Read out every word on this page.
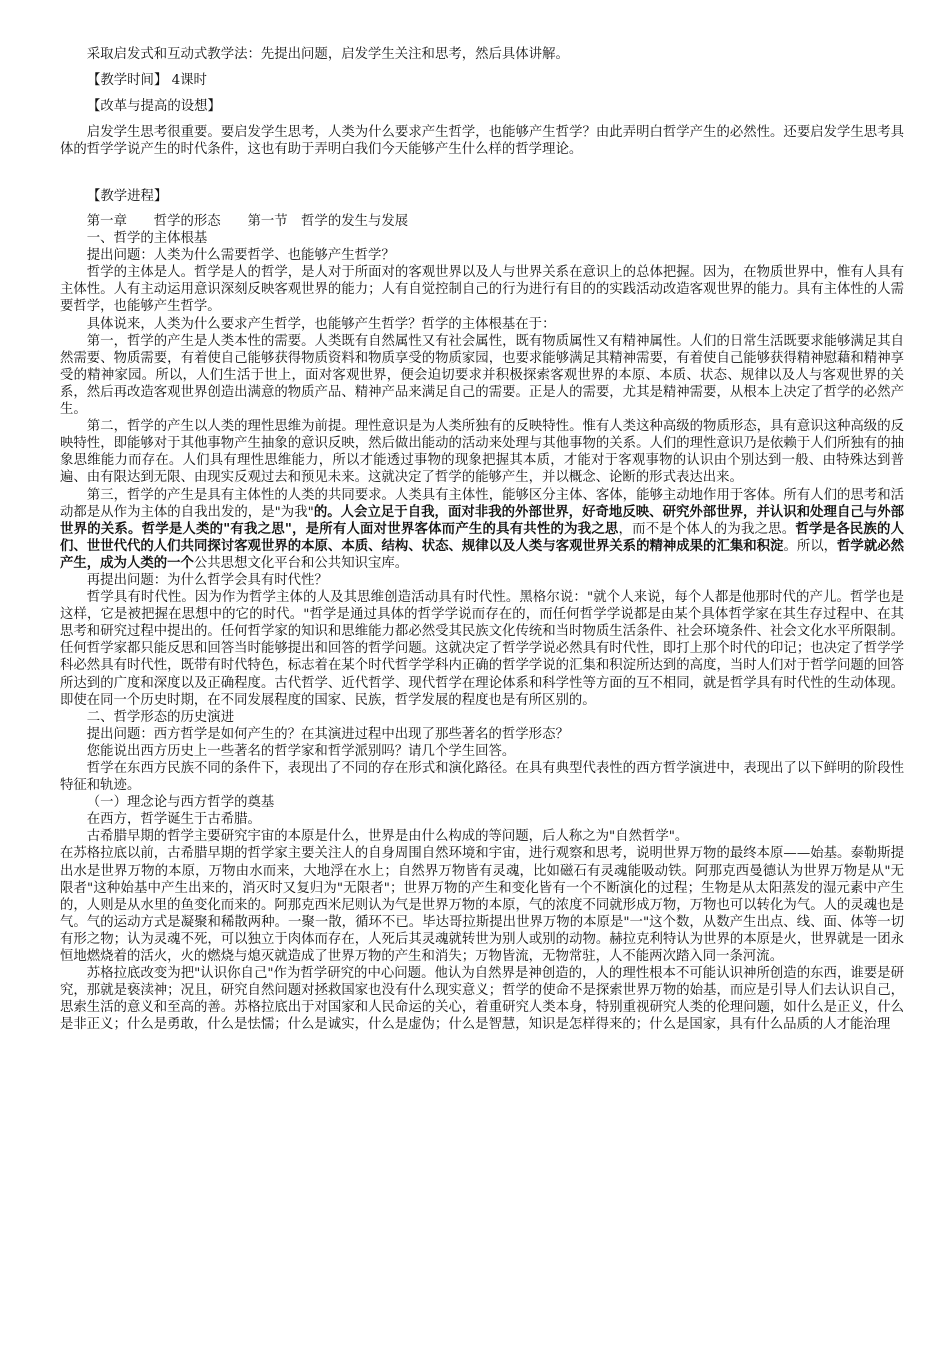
采取启发式和互动式教学法：先提出问题，启发学生关注和思考，然后具体讲解。

【教学时间】 4课时

【改革与提高的设想】

启发学生思考很重要。要启发学生思考，人类为什么要求产生哲学，也能够产生哲学？由此弄明白哲学产生的必然性。还要启发学生思考具体的哲学学说产生的时代条件，这也有助于弄明白我们今天能够产生什么样的哲学理论。

【教学进程】

第一章　　哲学的形态　　第一节　哲学的发生与发展

一、哲学的主体根基

提出问题：人类为什么需要哲学、也能够产生哲学？

哲学的主体是人。哲学是人的哲学，是人对于所面对的客观世界以及人与世界关系在意识上的总体把握。因为，在物质世界中，惟有人具有主体性。人有主动运用意识深刻反映客观世界的能力；人有自觉控制自己的行为进行有目的的实践活动改造客观世界的能力。具有主体性的人需要哲学，也能够产生哲学。

具体说来，人类为什么要求产生哲学，也能够产生哲学？哲学的主体根基在于：

第一，哲学的产生是人类本性的需要。人类既有自然属性又有社会属性，既有物质属性又有精神属性。人们的日常生活既要求能够满足其自然需要、物质需要，有着使自己能够获得物质资料和物质享受的物质家园，也要求能够满足其精神需要，有着使自己能够获得精神慰藉和精神享受的精神家园。所以，人们生活于世上，面对客观世界，便会迫切要求并积极探索客观世界的本原、本质、状态、规律以及人与客观世界的关系，然后再改造客观世界创造出满意的物质产品、精神产品来满足自己的需要。正是人的需要，尤其是精神需要，从根本上决定了哲学的必然产生。

第二，哲学的产生以人类的理性思维为前提。理性意识是为人类所独有的反映特性。惟有人类这种高级的物质形态，具有意识这种高级的反映特性，即能够对于其他事物产生抽象的意识反映，然后做出能动的活动来处理与其他事物的关系。人们的理性意识乃是依赖于人们所独有的抽象思维能力而存在。人们具有理性思维能力，所以才能透过事物的现象把握其本质，才能对于客观事物的认识由个别达到一般、由特殊达到普遍、由有限达到无限、由现实反观过去和预见未来。这就决定了哲学的能够产生，并以概念、论断的形式表达出来。

第三，哲学的产生是具有主体性的人类的共同要求。人类具有主体性，能够区分主体、客体，能够主动地作用于客体。所有人们的思考和活动都是从作为主体的自我出发的，是"为我"的。人会立足于自我，面对非我的外部世界，好奇地反映、研究外部世界，并认识和处理自己与外部世界的关系。哲学是人类的"有我之思"，是所有人面对世界客体而产生的具有共性的为我之思，而不是个体人的为我之思。哲学是各民族的人们、世世代代的人们共同探讨客观世界的本原、本质、结构、状态、规律以及人类与客观世界关系的精神成果的汇集和积淀。所以，哲学就必然产生，成为人类的一个公共思想文化平台和公共知识宝库。

再提出问题：为什么哲学会具有时代性？

哲学具有时代性。因为作为哲学主体的人及其思维创造活动具有时代性。黑格尔说："就个人来说，每个人都是他那时代的产儿。哲学也是这样，它是被把握在思想中的它的时代。"哲学是通过具体的哲学学说而存在的，而任何哲学学说都是由某个具体哲学家在其生存过程中、在其思考和研究过程中提出的。任何哲学家的知识和思维能力都必然受其民族文化传统和当时物质生活条件、社会环境条件、社会文化水平所限制。任何哲学家都只能反思和回答当时能够提出和回答的哲学问题。这就决定了哲学学说必然具有时代性，即打上那个时代的印记；也决定了哲学学科必然具有时代性，既带有时代特色，标志着在某个时代哲学学科内正确的哲学学说的汇集和积淀所达到的高度，当时人们对于哲学问题的回答所达到的广度和深度以及正确程度。古代哲学、近代哲学、现代哲学在理论体系和科学性等方面的互不相同，就是哲学具有时代性的生动体现。即使在同一个历史时期，在不同发展程度的国家、民族，哲学发展的程度也是有所区别的。

二、哲学形态的历史演进

提出问题：西方哲学是如何产生的？在其演进过程中出现了那些著名的哲学形态？

您能说出西方历史上一些著名的哲学家和哲学派别吗？请几个学生回答。

哲学在东西方民族不同的条件下，表现出了不同的存在形式和演化路径。在具有典型代表性的西方哲学演进中，表现出了以下鲜明的阶段性特征和轨迹。

（一）理念论与西方哲学的奠基

在西方，哲学诞生于古希腊。

古希腊早期的哲学主要研究宇宙的本原是什么，世界是由什么构成的等问题，后人称之为"自然哲学"。

在苏格拉底以前，古希腊早期的哲学家主要关注人的自身周围自然环境和宇宙，进行观察和思考，说明世界万物的最终本原——始基。泰勒斯提出水是世界万物的本原，万物由水而来，大地浮在水上；自然界万物皆有灵魂，比如磁石有灵魂能吸动铁。阿那克西曼德认为世界万物是从"无限者"这种始基中产生出来的，消灭时又复归为"无限者"；世界万物的产生和变化皆有一个不断演化的过程；生物是从太阳蒸发的湿元素中产生的，人则是从水里的鱼变化而来的。阿那克西米尼则认为气是世界万物的本原，气的浓度不同就形成万物，万物也可以转化为气。人的灵魂也是气。气的运动方式是凝聚和稀散两种。一聚一散，循环不已。毕达哥拉斯提出世界万物的本原是"一"这个数，从数产生出点、线、面、体等一切有形之物；认为灵魂不死，可以独立于肉体而存在，人死后其灵魂就转世为别人或别的动物。赫拉克利特认为世界的本原是火，世界就是一团永恒地燃烧着的活火，火的燃烧与熄灭就造成了世界万物的产生和消失；万物皆流，无物常驻，人不能两次踏入同一条河流。

苏格拉底改变为把"认识你自己"作为哲学研究的中心问题。他认为自然界是神创造的，人的理性根本不可能认识神所创造的东西，谁要是研究，那就是亵渎神；况且，研究自然问题对拯救国家也没有什么现实意义；哲学的使命不是探索世界万物的始基，而应是引导人们去认识自己，思索生活的意义和至高的善。苏格拉底出于对国家和人民命运的关心，着重研究人类本身，特别重视研究人类的伦理问题，如什么是正义，什么是非正义；什么是勇敢，什么是怯懦；什么是诚实，什么是虚伪；什么是智慧，知识是怎样得来的；什么是国家，具有什么品质的人才能治理
